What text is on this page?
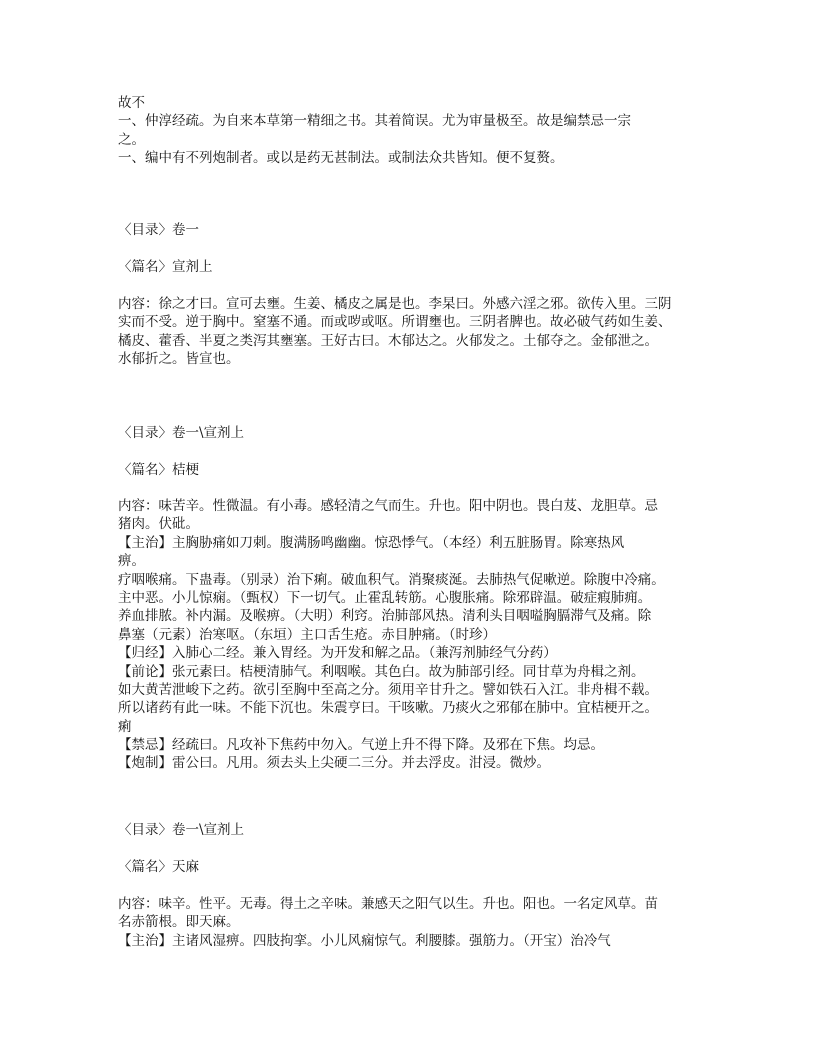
故不
一、仲淳经疏。为自来本草第一精细之书。其着简误。尤为审量极至。故是编禁忌一宗
之。
一、编中有不列炮制者。或以是药无甚制法。或制法众共皆知。便不复赘。
〈目录〉卷一
〈篇名〉宣剂上
内容：徐之才曰。宣可去壅。生姜、橘皮之属是也。李杲曰。外感六淫之邪。欲传入里。三阴
实而不受。逆于胸中。窒塞不通。而或哕或呕。所谓壅也。三阴者脾也。故必破气药如生姜、
橘皮、藿香、半夏之类泻其壅塞。王好古曰。木郁达之。火郁发之。土郁夺之。金郁泄之。
水郁折之。皆宣也。
〈目录〉卷一\宣剂上
〈篇名〉桔梗
内容：味苦辛。性微温。有小毒。感轻清之气而生。升也。阳中阴也。畏白芨、龙胆草。忌
猪肉。伏砒。
【主治】主胸胁痛如刀刺。腹满肠鸣幽幽。惊恐悸气。（本经）利五脏肠胃。除寒热风
痹。
疗咽喉痛。下蛊毒。（别录）治下痢。破血积气。消聚痰涎。去肺热气促嗽逆。除腹中冷痛。
主中恶。小儿惊痫。（甄权）下一切气。止霍乱转筋。心腹胀痛。除邪辟温。破症瘕肺痈。
养血排脓。补内漏。及喉痹。（大明）利窍。治肺部风热。清利头目咽嗌胸膈滞气及痛。除
鼻塞（元素）治寒呕。（东垣）主口舌生疮。赤目肿痛。（时珍）
【归经】入肺心二经。兼入胃经。为开发和解之品。（兼泻剂肺经气分药）
【前论】张元素曰。桔梗清肺气。利咽喉。其色白。故为肺部引经。同甘草为舟楫之剂。
如大黄苦泄峻下之药。欲引至胸中至高之分。须用辛甘升之。譬如铁石入江。非舟楫不载。
所以诸药有此一味。不能下沉也。朱震亨曰。干咳嗽。乃痰火之邪郁在肺中。宜桔梗开之。
痢
【禁忌】经疏曰。凡攻补下焦药中勿入。气逆上升不得下降。及邪在下焦。均忌。
【炮制】雷公曰。凡用。须去头上尖硬二三分。并去浮皮。泔浸。微炒。
〈目录〉卷一\宣剂上
〈篇名〉天麻
内容：味辛。性平。无毒。得土之辛味。兼感天之阳气以生。升也。阳也。一名定风草。苗
名赤箭根。即天麻。
【主治】主诸风湿痹。四肢拘挛。小儿风痫惊气。利腰膝。强筋力。（开宝）治冷气
